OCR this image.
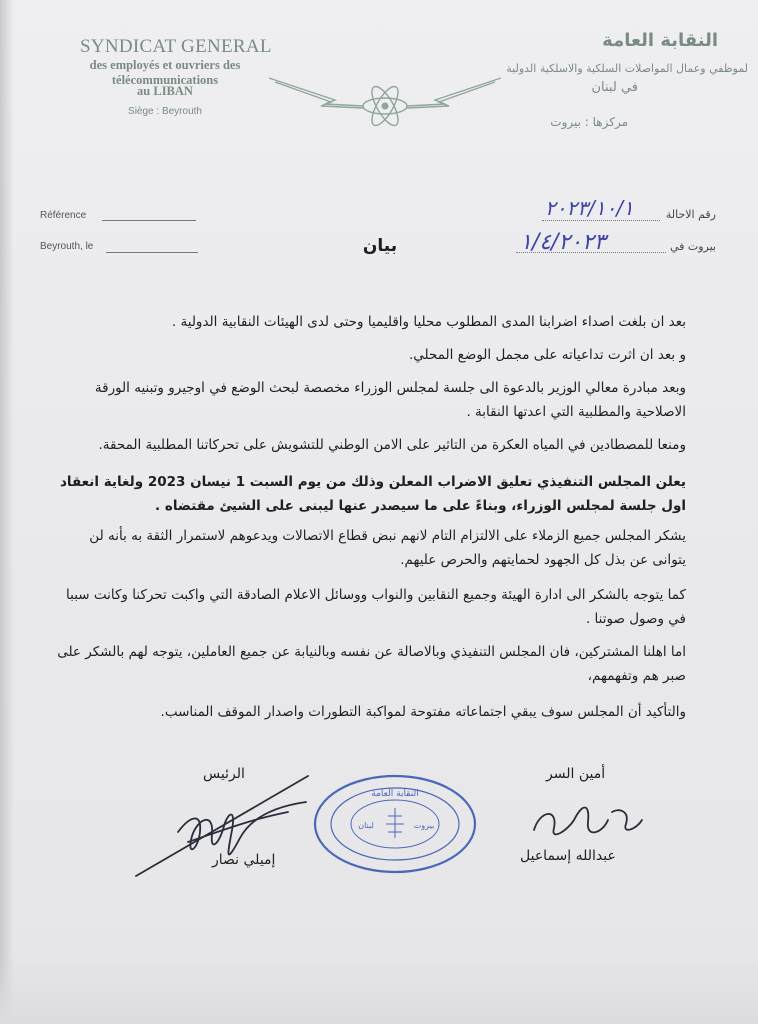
SYNDICAT GENERAL
des employés et ouvriers des télécommunications
au LIBAN
Siège : Beyrouth
النقابة العامة
لموظفي وعمال المواصلات السلكية والاسلكية الدولية
في لبنان
مركزها : بيروت
Référence
Beyrouth, le
رقم الاحالة
بيروت في
٢٠٢٣/١٠/١
١/٤/٢٠٢٣
بيان
بعد ان بلغت اصداء اضرابنا المدى المطلوب محليا واقليميا وحتى لدى الهيئات النقابية الدولية .
و بعد ان اثرت تداعياته على مجمل الوضع المحلي.
وبعد مبادرة معالي الوزير بالدعوة الى جلسة لمجلس الوزراء مخصصة لبحث الوضع في اوجيرو وتبنيه الورقة الاصلاحية والمطلبية التي اعدتها النقابة .
ومنعا للمصطادين في المياه العكرة من التاثير على الامن الوطني للتشويش على تحركاتنا المطلبية المحقة.
يعلن المجلس التنفيذي تعليق الاضراب المعلن وذلك من يوم السبت 1 نيسان 2023 ولغاية انعقاد اول جلسة لمجلس الوزراء، وبناءً على ما سيصدر عنها ليبنى على الشيئ مقتضاه .
يشكر المجلس جميع الزملاء على الالتزام التام لانهم نبض قطاع الاتصالات ويدعوهم لاستمرار الثقة به بأنه لن يتوانى عن بذل كل الجهود لحمايتهم والحرص عليهم.
كما يتوجه بالشكر الى ادارة الهيئة وجميع النقابين والنواب ووسائل الاعلام الصادقة التي واكبت تحركنا وكانت سببا في وصول صوتنا .
اما اهلنا المشتركين، فان المجلس التنفيذي وبالاصالة عن نفسه وبالنيابة عن جميع العاملين، يتوجه لهم بالشكر على صبر هم وتفهمهم،
والتأكيد أن المجلس سوف يبقي اجتماعاته مفتوحة لمواكبة التطورات واصدار الموقف المناسب.
الرئيس
إميلي نصار
أمين السر
عبدالله إسماعيل
النقابة العامة
لبنان	بيروت
